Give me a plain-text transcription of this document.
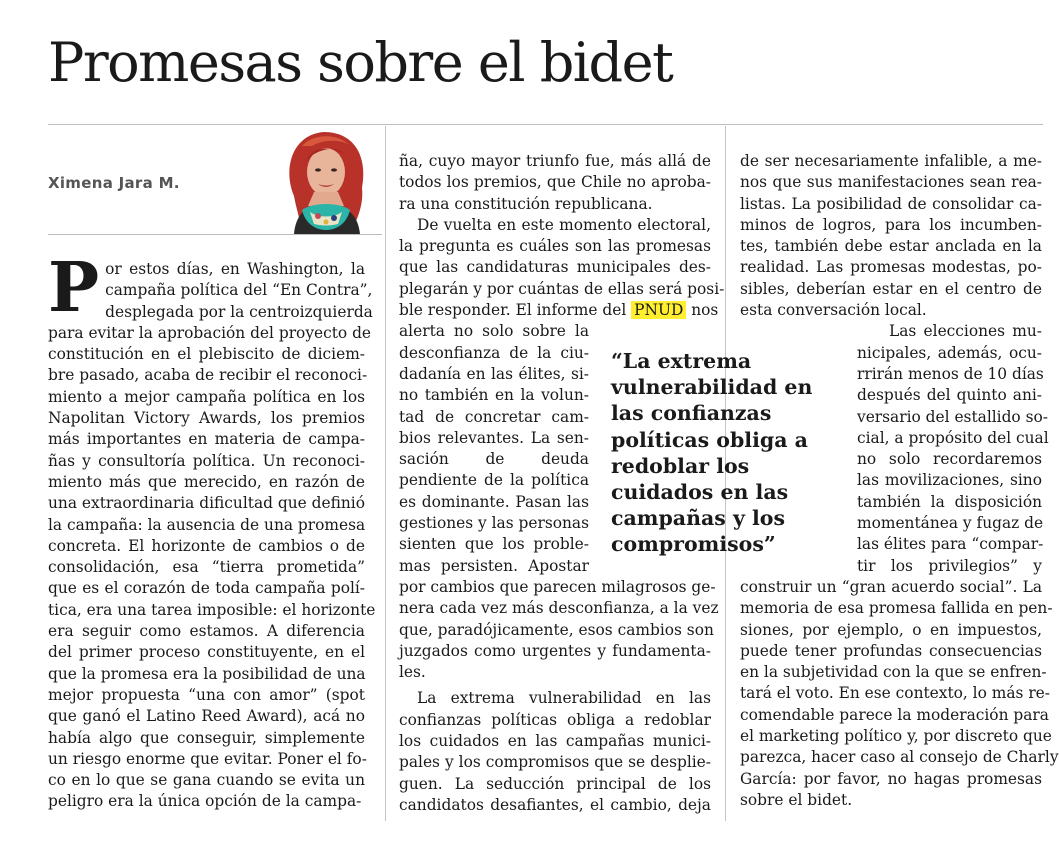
Promesas sobre el bidet
Ximena Jara M.

P or estos días, en Washington, la
campaña política del “En Contra”,
desplegada por la centroizquierda
para evitar la aprobación del proyecto de
constitución en el plebiscito de diciem-
bre pasado, acaba de recibir el reconoci-
miento a mejor campaña política en los
Napolitan Victory Awards, los premios
más importantes en materia de campa-
ñas y consultoría política. Un reconoci-
miento más que merecido, en razón de
una extraordinaria dificultad que definió
la campaña: la ausencia de una promesa
concreta. El horizonte de cambios o de
consolidación, esa “tierra prometida”
que es el corazón de toda campaña polí-
tica, era una tarea imposible: el horizonte
era seguir como estamos. A diferencia
del primer proceso constituyente, en el
que la promesa era la posibilidad de una
mejor propuesta “una con amor” (spot
que ganó el Latino Reed Award), acá no
había algo que conseguir, simplemente
un riesgo enorme que evitar. Poner el fo-
co en lo que se gana cuando se evita un
peligro era la única opción de la campa-

ña, cuyo mayor triunfo fue, más allá de
todos los premios, que Chile no aproba-
ra una constitución republicana.

De vuelta en este momento electoral,
la pregunta es cuáles son las promesas
que las candidaturas municipales des-
plegarán y por cuántas de ellas será posi-

ble responder. El informe del PNUD nos
alerta no solo sobre la
desconfianza de la ciu-
dadanía en las élites, si-
no también en la volun-
tad de concretar cam-
bios relevantes. La sen-
sación de deuda
pendiente de la política
es dominante. Pasan las
gestiones y las personas
sienten que los proble-
mas persisten. Apostar
por cambios que parecen milagrosos ge-
nera cada vez más desconfianza, a la vez
que, paradójicamente, esos cambios son
juzgados como urgentes y fundamenta-
les.
La extrema vulnerabilidad en las
confianzas políticas obliga a redoblar
los cuidados en las campañas munici-
pales y los compromisos que se desplie-
guen. La seducción principal de los
candidatos desafiantes, el cambio, deja
“La extrema
vulnerabilidad en
las confianzas
políticas obliga a
redoblar los
cuidados en las
campañas y los
compromisos”
de ser necesariamente infalible, a me-
nos que sus manifestaciones sean rea-
listas. La posibilidad de consolidar ca-
minos de logros, para los incumben-
tes, también debe estar anclada en la
realidad. Las promesas modestas, po-
sibles, deberían estar en el centro de
esta conversación local.
Las elecciones mu-
nicipales, además, ocu-
rrirán menos de 10 días
después del quinto ani-
versario del estallido so-
cial, a propósito del cual
no solo recordaremos
las movilizaciones, sino
también la disposición
momentánea y fugaz de
las élites para “compar-
tir los privilegios” y
construir un “gran acuerdo social”. La
memoria de esa promesa fallida en pen-
siones, por ejemplo, o en impuestos,
puede tener profundas consecuencias
en la subjetividad con la que se enfren-
tará el voto. En ese contexto, lo más re-
comendable parece la moderación para
el marketing político y, por discreto que
parezca, hacer caso al consejo de Charly
García: por favor, no hagas promesas
sobre el bidet.
